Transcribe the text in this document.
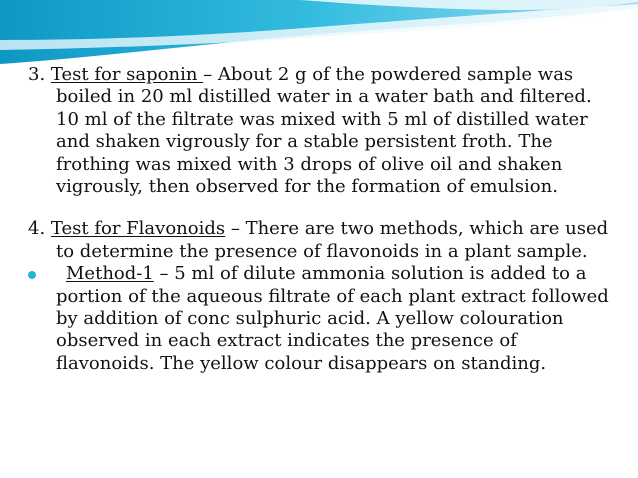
3. Test for saponin – About 2 g of the powdered sample was boiled in 20 ml distilled water in a water bath and filtered. 10 ml of the filtrate was mixed with 5 ml of distilled water and shaken vigrously for a stable persistent froth. The frothing was mixed with 3 drops of olive oil and shaken vigrously, then observed for the formation of emulsion.

4. Test for Flavonoids – There are two methods, which are used to determine the presence of flavonoids in a plant sample.

Method-1 – 5 ml of dilute ammonia solution is added to a portion of the aqueous filtrate of each plant extract followed by addition of conc sulphuric acid. A yellow colouration observed in each extract indicates the presence of flavonoids. The yellow colour disappears on standing.
